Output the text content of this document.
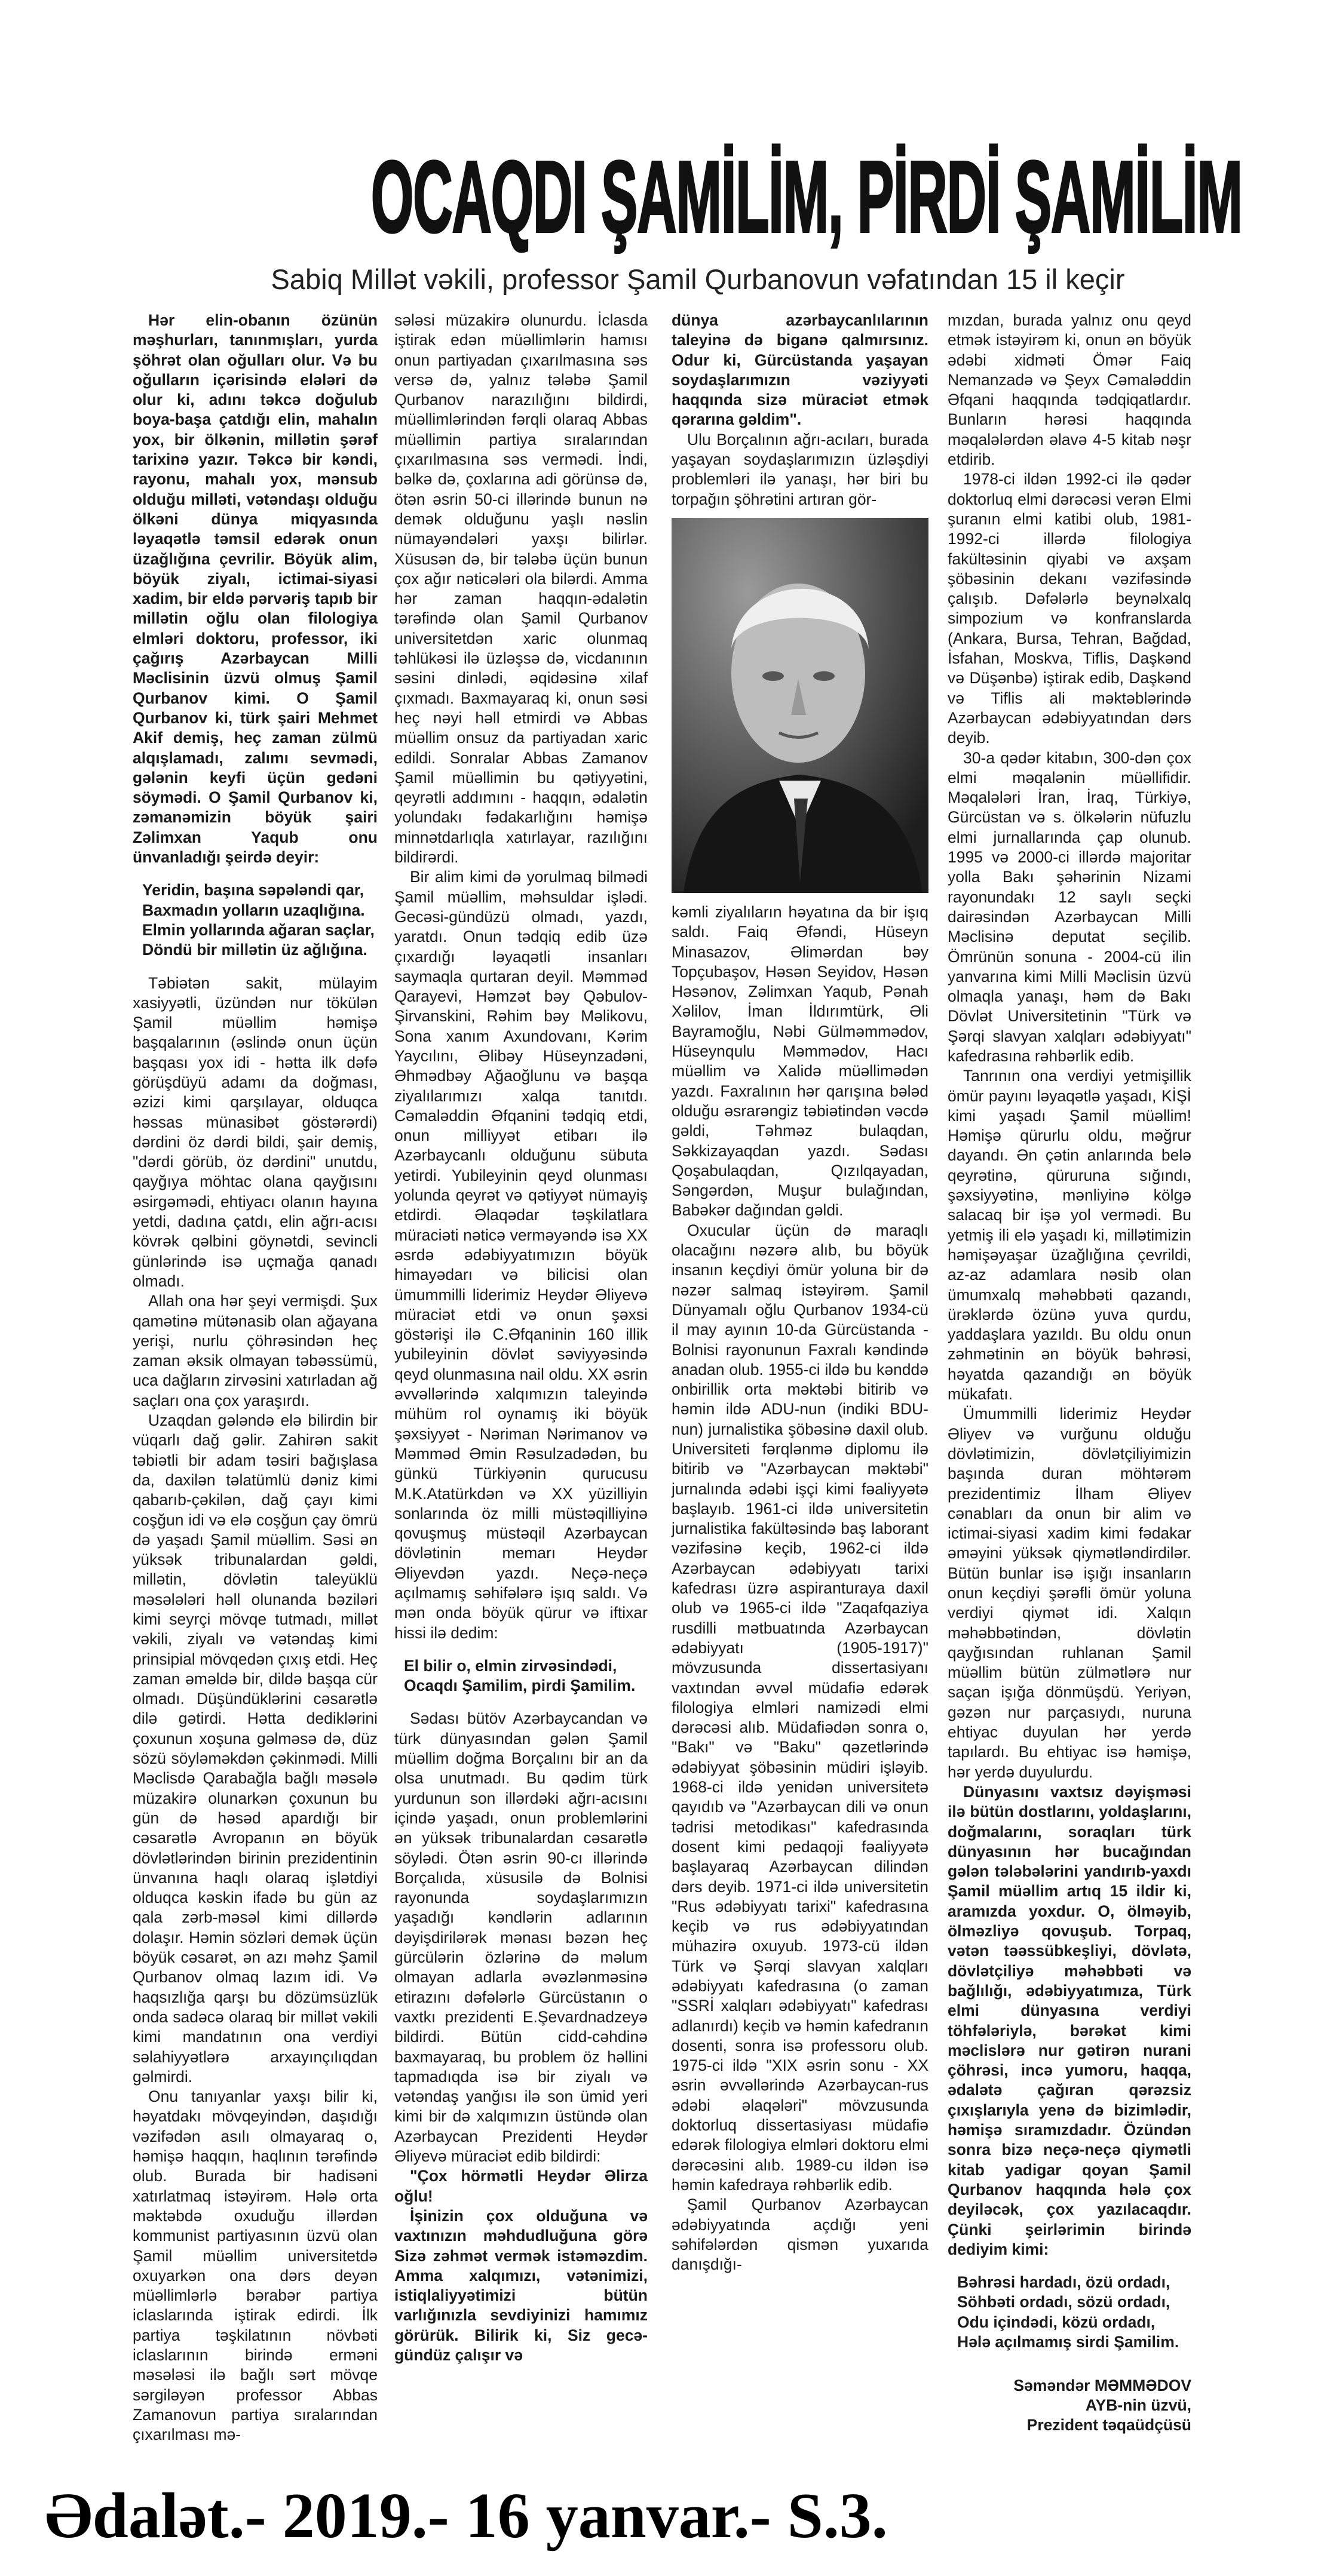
OCAQDI ŞAMİLİM, PİRDİ ŞAMİLİM
Sabiq Millət vəkili, professor Şamil Qurbanovun vəfatından 15 il keçir

Hər elin-obanın özünün məşhurları, tanınmışları, yurda şöhrət olan oğulları olur. Və bu oğulların içərisində elələri də olur ki, adını təkcə doğulub boya-başa çatdığı elin, mahalın yox, bir ölkənin, millətin şərəf tarixinə yazır. Təkcə bir kəndi, rayonu, mahalı yox, mənsub olduğu milləti, vətəndaşı olduğu ölkəni dünya miqyasında ləyaqətlə təmsil edərək onun üzağlığına çevrilir. Böyük alim, böyük ziyalı, ictimai-siyasi xadim, bir eldə pərvəriş tapıb bir millətin oğlu olan filologiya elmləri doktoru, professor, iki çağırış Azərbaycan Milli Məclisinin üzvü olmuş Şamil Qurbanov kimi. O Şamil Qurbanov ki, türk şairi Mehmet Akif demiş, heç zaman zülmü alqışlamadı, zalımı sevmədi, gələnin keyfi üçün gedəni söymədi. O Şamil Qurbanov ki, zəmanəmizin böyük şairi Zəlimxan Yaqub onu ünvanladığı şeirdə deyir:

Yeridin, başına səpələndi qar,
Baxmadın yolların uzaqlığına.
Elmin yollarında ağaran saçlar,
Döndü bir millətin üz ağlığına.

Təbiətən sakit, mülayim xasiyyətli, üzündən nur tökülən Şamil müəllim həmişə başqalarının (əslində onun üçün başqası yox idi - hətta ilk dəfə görüşdüyü adamı da doğması, əzizi kimi qarşılayar, olduqca həssas münasibət göstərərdi) dərdini öz dərdi bildi, şair demiş, "dərdi görüb, öz dərdini" unutdu, qayğıya möhtac olana qayğısını əsirgəmədi, ehtiyacı olanın hayına yetdi, dadına çatdı, elin ağrı-acısı kövrək qəlbini göynətdi, sevincli günlərində isə uçmağa qanadı olmadı.

Allah ona hər şeyi vermişdi. Şux qamətinə mütənasib olan ağayana yerişi, nurlu çöhrəsindən heç zaman əksik olmayan təbəssümü, uca dağların zirvəsini xatırladan ağ saçları ona çox yaraşırdı.

Uzaqdan gələndə elə bilirdin bir vüqarlı dağ gəlir. Zahirən sakit təbiətli bir adam təsiri bağışlasa da, daxilən təlatümlü dəniz kimi qabarıb-çəkilən, dağ çayı kimi coşğun idi və elə coşğun çay ömrü də yaşadı Şamil müəllim. Səsi ən yüksək tribunalardan gəldi, millətin, dövlətin taleyüklü məsələləri həll olunanda bəziləri kimi seyrçi mövqe tutmadı, millət vəkili, ziyalı və vətəndaş kimi prinsipial mövqedən çıxış etdi. Heç zaman əməldə bir, dildə başqa cür olmadı. Düşündüklərini cəsarətlə dilə gətirdi. Hətta dediklərini çoxunun xoşuna gəlməsə də, düz sözü söyləməkdən çəkinmədi. Milli Məclisdə Qarabağla bağlı məsələ müzakirə olunarkən çoxunun bu gün də həsəd apardığı bir cəsarətlə Avropanın ən böyük dövlətlərindən birinin prezidentinin ünvanına haqlı olaraq işlətdiyi olduqca kəskin ifadə bu gün az qala zərb-məsəl kimi dillərdə dolaşır. Həmin sözləri demək üçün böyük cəsarət, ən azı məhz Şamil Qurbanov olmaq lazım idi. Və haqsızlığa qarşı bu dözümsüzlük onda sadəcə olaraq bir millət vəkili kimi mandatının ona verdiyi səlahiyyətlərə arxayınçılıqdan gəlmirdi.

Onu tanıyanlar yaxşı bilir ki, həyatdakı mövqeyindən, daşıdığı vəzifədən asılı olmayaraq o, həmişə haqqın, haqlının tərəfində olub. Burada bir hadisəni xatırlatmaq istəyirəm. Hələ orta məktəbdə oxuduğu illərdən kommunist partiyasının üzvü olan Şamil müəllim universitetdə oxuyarkən ona dərs deyən müəllimlərlə bərabər partiya iclaslarında iştirak edirdi. İlk partiya təşkilatının növbəti iclaslarının birində erməni məsələsi ilə bağlı sərt mövqe sərgiləyən professor Abbas Zamanovun partiya sıralarından çıxarılması mə-

sələsi müzakirə olunurdu. İclasda iştirak edən müəllimlərin hamısı onun partiyadan çıxarılmasına səs versə də, yalnız tələbə Şamil Qurbanov narazılığını bildirdi, müəllimlərindən fərqli olaraq Abbas müəllimin partiya sıralarından çıxarılmasına səs vermədi. İndi, bəlkə də, çoxlarına adi görünsə də, ötən əsrin 50-ci illərində bunun nə demək olduğunu yaşlı nəslin nümayəndələri yaxşı bilirlər. Xüsusən də, bir tələbə üçün bunun çox ağır nəticələri ola bilərdi. Amma hər zaman haqqın-ədalətin tərəfində olan Şamil Qurbanov universitetdən xaric olunmaq təhlükəsi ilə üzləşsə də, vicdanının səsini dinlədi, əqidəsinə xilaf çıxmadı. Baxmayaraq ki, onun səsi heç nəyi həll etmirdi və Abbas müəllim onsuz da partiyadan xaric edildi. Sonralar Abbas Zamanov Şamil müəllimin bu qətiyyətini, qeyrətli addımını - haqqın, ədalətin yolundakı fədakarlığını həmişə minnətdarlıqla xatırlayar, razılığını bildirərdi.

Bir alim kimi də yorulmaq bilmədi Şamil müəllim, məhsuldar işlədi. Gecəsi-gündüzü olmadı, yazdı, yaratdı. Onun tədqiq edib üzə çıxardığı ləyaqətli insanları saymaqla qurtaran deyil. Məmməd Qarayevi, Həmzət bəy Qəbulov-Şirvanskini, Rəhim bəy Məlikovu, Sona xanım Axundovanı, Kərim Yaycılını, Əlibəy Hüseynzadəni, Əhmədbəy Ağaoğlunu və başqa ziyalılarımızı xalqa tanıtdı. Cəmaləddin Əfqanini tədqiq etdi, onun milliyyət etibarı ilə Azərbaycanlı olduğunu sübuta yetirdi. Yubileyinin qeyd olunması yolunda qeyrət və qətiyyət nümayiş etdirdi. Əlaqədar təşkilatlara müraciəti nəticə verməyəndə isə XX əsrdə ədəbiyyatımızın böyük himayədarı və bilicisi olan ümummilli liderimiz Heydər Əliyevə müraciət etdi və onun şəxsi göstərişi ilə C.Əfqaninin 160 illik yubileyinin dövlət səviyyəsində qeyd olunmasına nail oldu. XX əsrin əvvəllərində xalqımızın taleyində mühüm rol oynamış iki böyük şəxsiyyət - Nəriman Nərimanov və Məmməd Əmin Rəsulzadədən, bu günkü Türkiyənin qurucusu M.K.Atatürkdən və XX yüzilliyin sonlarında öz milli müstəqilliyinə qovuşmuş müstəqil Azərbaycan dövlətinin memarı Heydər Əliyevdən yazdı. Neçə-neçə açılmamış səhifələrə işıq saldı. Və mən onda böyük qürur və iftixar hissi ilə dedim:

El bilir o, elmin zirvəsindədi,
Ocaqdı Şamilim, pirdi Şamilim.

Sədası bütöv Azərbaycandan və türk dünyasından gələn Şamil müəllim doğma Borçalını bir an da olsa unutmadı. Bu qədim türk yurdunun son illərdəki ağrı-acısını içində yaşadı, onun problemlərini ən yüksək tribunalardan cəsarətlə söylədi. Ötən əsrin 90-cı illərində Borçalıda, xüsusilə də Bolnisi rayonunda soydaşlarımızın yaşadığı kəndlərin adlarının dəyişdirilərək mənası bəzən heç gürcülərin özlərinə də məlum olmayan adlarla əvəzlənməsinə etirazını dəfələrlə Gürcüstanın o vaxtkı prezidenti E.Şevardnadzeyə bildirdi. Bütün cidd-cəhdinə baxmayaraq, bu problem öz həllini tapmadıqda isə bir ziyalı və vətəndaş yanğısı ilə son ümid yeri kimi bir də xalqımızın üstündə olan Azərbaycan Prezidenti Heydər Əliyevə müraciət edib bildirdi:

"Çox hörmətli Heydər Əlirza oğlu!

İşinizin çox olduğuna və vaxtınızın məhdudluğuna görə Sizə zəhmət vermək istəməzdim. Amma xalqımızı, vətənimizi, istiqlaliyyətimizi bütün varlığınızla sevdiyinizi hamımız görürük. Bilirik ki, Siz gecə-gündüz çalışır və

dünya azərbaycanlılarının taleyinə də biganə qalmırsınız. Odur ki, Gürcüstanda yaşayan soydaşlarımızın vəziyyəti haqqında sizə müraciət etmək qərarına gəldim".

Ulu Borçalının ağrı-acıları, burada yaşayan soydaşlarımızın üzləşdiyi problemləri ilə yanaşı, hər biri bu torpağın şöhrətini artıran gör-

kəmli ziyalıların həyatına da bir işıq saldı. Faiq Əfəndi, Hüseyn Minasazov, Əlimərdan bəy Topçubaşov, Həsən Seyidov, Həsən Həsənov, Zəlimxan Yaqub, Pənah Xəlilov, İman İldırımtürk, Əli Bayramoğlu, Nəbi Gülməmmədov, Hüseynqulu Məmmədov, Hacı müəllim və Xalidə müəllimədən yazdı. Faxralının hər qarışına bələd olduğu əsrarəngiz təbiətindən vəcdə gəldi, Təhməz bulaqdan, Səkkizayaqdan yazdı. Sədası Qoşabulaqdan, Qızılqayadan, Səngərdən, Muşur bulağından, Babəkər dağından gəldi.

Oxucular üçün də maraqlı olacağını nəzərə alıb, bu böyük insanın keçdiyi ömür yoluna bir də nəzər salmaq istəyirəm. Şamil Dünyamalı oğlu Qurbanov 1934-cü il may ayının 10-da Gürcüstanda - Bolnisi rayonunun Faxralı kəndində anadan olub. 1955-ci ildə bu kənddə onbirillik orta məktəbi bitirib və həmin ildə ADU-nun (indiki BDU-nun) jurnalistika şöbəsinə daxil olub. Universiteti fərqlənmə diplomu ilə bitirib və "Azərbaycan məktəbi" jurnalında ədəbi işçi kimi fəaliyyətə başlayıb. 1961-ci ildə universitetin jurnalistika fakültəsində baş laborant vəzifəsinə keçib, 1962-ci ildə Azərbaycan ədəbiyyatı tarixi kafedrası üzrə aspiranturaya daxil olub və 1965-ci ildə "Zaqafqaziya rusdilli mətbuatında Azərbaycan ədəbiyyatı (1905-1917)" mövzusunda dissertasiyanı vaxtından əvvəl müdafiə edərək filologiya elmləri namizədi elmi dərəcəsi alıb. Müdafiədən sonra o, "Bakı" və "Baku" qəzetlərində ədəbiyyat şöbəsinin müdiri işləyib. 1968-ci ildə yenidən universitetə qayıdıb və "Azərbaycan dili və onun tədrisi metodikası" kafedrasında dosent kimi pedaqoji fəaliyyətə başlayaraq Azərbaycan dilindən dərs deyib. 1971-ci ildə universitetin "Rus ədəbiyyatı tarixi" kafedrasına keçib və rus ədəbiyyatından mühazirə oxuyub. 1973-cü ildən Türk və Şərqi slavyan xalqları ədəbiyyatı kafedrasına (o zaman "SSRİ xalqları ədəbiyyatı" kafedrası adlanırdı) keçib və həmin kafedranın dosenti, sonra isə professoru olub. 1975-ci ildə "XIX əsrin sonu - XX əsrin əvvəllərində Azərbaycan-rus ədəbi əlaqələri" mövzusunda doktorluq dissertasiyası müdafiə edərək filologiya elmləri doktoru elmi dərəcəsini alıb. 1989-cu ildən isə həmin kafedraya rəhbərlik edib.

Şamil Qurbanov Azərbaycan ədəbiyyatında açdığı yeni səhifələrdən qismən yuxarıda danışdığı-

mızdan, burada yalnız onu qeyd etmək istəyirəm ki, onun ən böyük ədəbi xidməti Ömər Faiq Nemanzadə və Şeyx Cəmaləddin Əfqani haqqında tədqiqatlardır. Bunların hərəsi haqqında məqalələrdən əlavə 4-5 kitab nəşr etdirib.

1978-ci ildən 1992-ci ilə qədər doktorluq elmi dərəcəsi verən Elmi şuranın elmi katibi olub, 1981-1992-ci illərdə filologiya fakültəsinin qiyabi və axşam şöbəsinin dekanı vəzifəsində çalışıb. Dəfələrlə beynəlxalq simpozium və konfranslarda (Ankara, Bursa, Tehran, Bağdad, İsfahan, Moskva, Tiflis, Daşkənd və Düşənbə) iştirak edib, Daşkənd və Tiflis ali məktəblərində Azərbaycan ədəbiyyatından dərs deyib.

30-a qədər kitabın, 300-dən çox elmi məqalənin müəllifidir. Məqalələri İran, İraq, Türkiyə, Gürcüstan və s. ölkələrin nüfuzlu elmi jurnallarında çap olunub. 1995 və 2000-ci illərdə majoritar yolla Bakı şəhərinin Nizami rayonundakı 12 saylı seçki dairəsindən Azərbaycan Milli Məclisinə deputat seçilib. Ömrünün sonuna - 2004-cü ilin yanvarına kimi Milli Məclisin üzvü olmaqla yanaşı, həm də Bakı Dövlət Universitetinin "Türk və Şərqi slavyan xalqları ədəbiyyatı" kafedrasına rəhbərlik edib.

Tanrının ona verdiyi yetmişillik ömür payını ləyaqətlə yaşadı, KİŞİ kimi yaşadı Şamil müəllim! Həmişə qürurlu oldu, məğrur dayandı. Ən çətin anlarında belə qeyrətinə, qüruruna sığındı, şəxsiyyətinə, mənliyinə kölgə salacaq bir işə yol vermədi. Bu yetmiş ili elə yaşadı ki, millətimizin həmişəyaşar üzağlığına çevrildi, az-az adamlara nəsib olan ümumxalq məhəbbəti qazandı, ürəklərdə özünə yuva qurdu, yaddaşlara yazıldı. Bu oldu onun zəhmətinin ən böyük bəhrəsi, həyatda qazandığı ən böyük mükafatı.

Ümummilli liderimiz Heydər Əliyev və vurğunu olduğu dövlətimizin, dövlətçiliyimizin başında duran möhtərəm prezidentimiz İlham Əliyev cənabları da onun bir alim və ictimai-siyasi xadim kimi fədakar əməyini yüksək qiymətləndirdilər. Bütün bunlar isə işığı insanların onun keçdiyi şərəfli ömür yoluna verdiyi qiymət idi. Xalqın məhəbbətindən, dövlətin qayğısından ruhlanan Şamil müəllim bütün zülmətlərə nur saçan işığa dönmüşdü. Yeriyən, gəzən nur parçasıydı, nuruna ehtiyac duyulan hər yerdə tapılardı. Bu ehtiyac isə həmişə, hər yerdə duyulurdu.

Dünyasını vaxtsız dəyişməsi ilə bütün dostlarını, yoldaşlarını, doğmalarını, soraqları türk dünyasının hər bucağından gələn tələbələrini yandırıb-yaxdı Şamil müəllim artıq 15 ildir ki, aramızda yoxdur. O, ölməyib, ölməzliyə qovuşub. Torpaq, vətən təəssübkeşliyi, dövlətə, dövlətçiliyə məhəbbəti və bağlılığı, ədəbiyyatımıza, Türk elmi dünyasına verdiyi töhfələriylə, bərəkət kimi məclislərə nur gətirən nurani çöhrəsi, incə yumoru, haqqa, ədalətə çağıran qərəzsiz çıxışlarıyla yenə də bizimlədir, həmişə sıramızdadır. Özündən sonra bizə neçə-neçə qiymətli kitab yadigar qoyan Şamil Qurbanov haqqında hələ çox deyiləcək, çox yazılacaqdır. Çünki şeirlərimin birində dediyim kimi:

Bəhrəsi hardadı, özü ordadı,
Söhbəti ordadı, sözü ordadı,
Odu içindədi, közü ordadı,
Hələ açılmamış sirdi Şamilim.
Səməndər MƏMMƏDOV
AYB-nin üzvü,
Prezident təqaüdçüsü
Ədalət.- 2019.- 16 yanvar.- S.3.
